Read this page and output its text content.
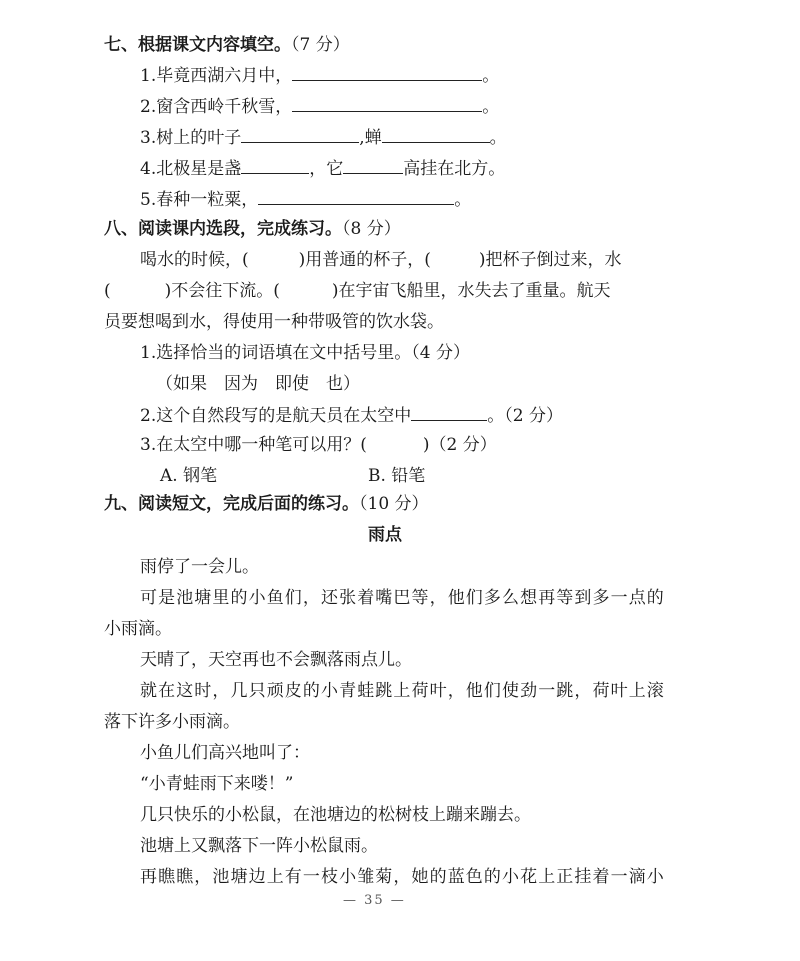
七、根据课文内容填空。（7 分）
1.毕竟西湖六月中，	。
2.窗含西岭千秋雪，	。
3.树上的叶子	,蝉	。
4.北极星是盏	，它	高挂在北方。
5.春种一粒粟，	。
八、阅读课内选段，完成练习。（8 分）
喝水的时候，(	)用普通的杯子，(	)把杯子倒过来，水
(	)不会往下流。(	)在宇宙飞船里，水失去了重量。航天
员要想喝到水，得使用一种带吸管的饮水袋。
1.选择恰当的词语填在文中括号里。（4 分）
（如果　因为　即使　也）
2.这个自然段写的是航天员在太空中	。（2 分）
3.在太空中哪一种笔可以用？(	)（2 分）
A. 钢笔	B. 铅笔
九、阅读短文，完成后面的练习。（10 分）
雨点
雨停了一会儿。
可是池塘里的小鱼们，还张着嘴巴等，他们多么想再等到多一点的
小雨滴。
天晴了，天空再也不会飘落雨点儿。
就在这时，几只顽皮的小青蛙跳上荷叶，他们使劲一跳，荷叶上滚
落下许多小雨滴。
小鱼儿们高兴地叫了：
“小青蛙雨下来喽！”
几只快乐的小松鼠，在池塘边的松树枝上蹦来蹦去。
池塘上又飘落下一阵小松鼠雨。
再瞧瞧，池塘边上有一枝小雏菊，她的蓝色的小花上正挂着一滴小
— 35 —
